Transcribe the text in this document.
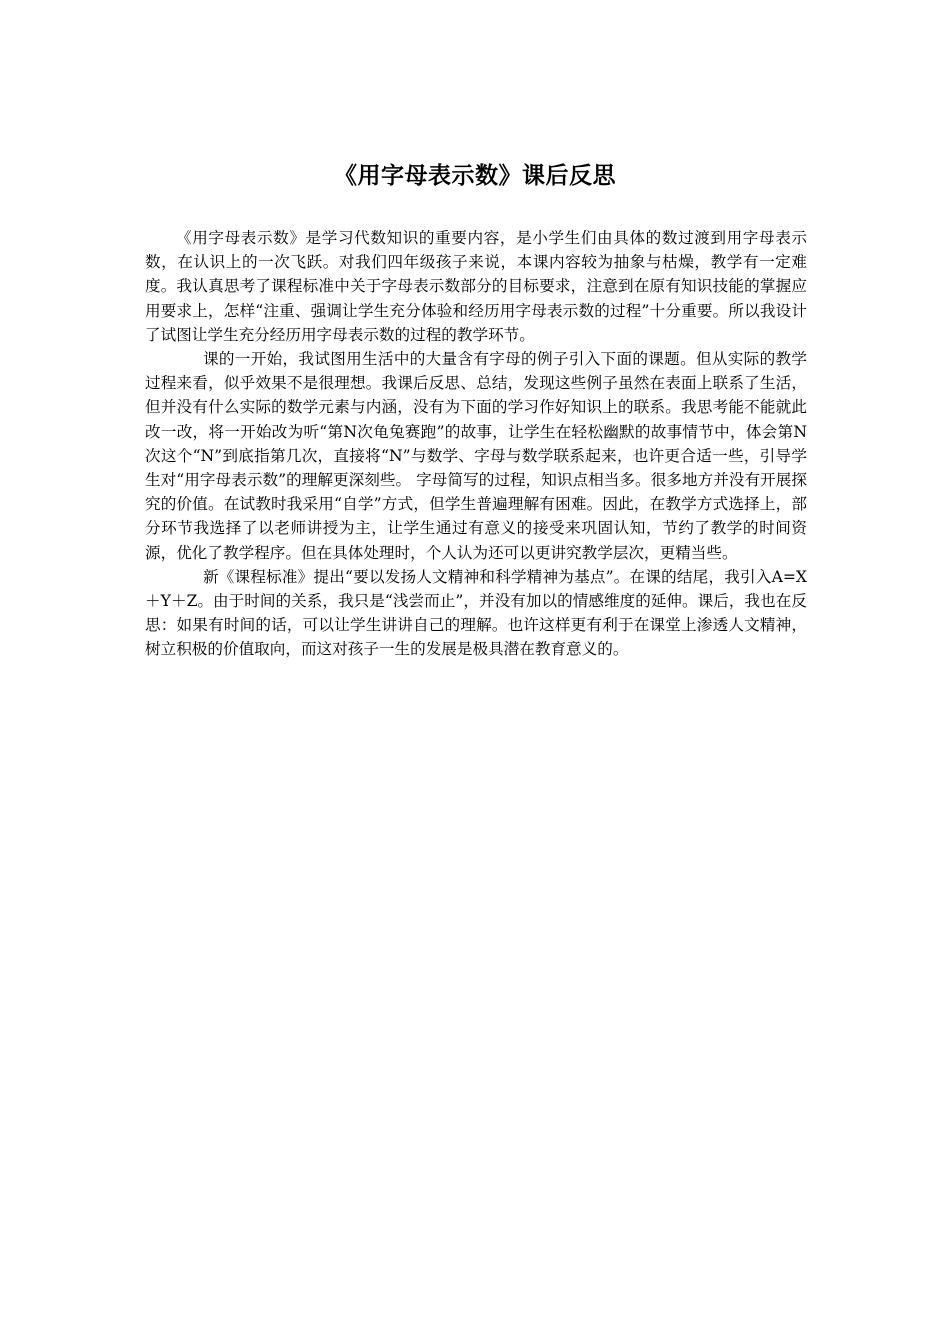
《用字母表示数》课后反思

《用字母表示数》是学习代数知识的重要内容，是小学生们由具体的数过渡到用字母表示数，在认识上的一次飞跃。对我们四年级孩子来说，本课内容较为抽象与枯燥，教学有一定难度。我认真思考了课程标准中关于字母表示数部分的目标要求，注意到在原有知识技能的掌握应用要求上，怎样“注重、强调让学生充分体验和经历用字母表示数的过程”十分重要。所以我设计了试图让学生充分经历用字母表示数的过程的教学环节。

课的一开始，我试图用生活中的大量含有字母的例子引入下面的课题。但从实际的教学过程来看，似乎效果不是很理想。我课后反思、总结，发现这些例子虽然在表面上联系了生活，但并没有什么实际的数学元素与内涵，没有为下面的学习作好知识上的联系。我思考能不能就此改一改，将一开始改为听“第N次龟兔赛跑”的故事，让学生在轻松幽默的故事情节中，体会第N次这个“N”到底指第几次，直接将“N”与数学、字母与数学联系起来，也许更合适一些，引导学生对“用字母表示数”的理解更深刻些。 字母简写的过程，知识点相当多。很多地方并没有开展探究的价值。在试教时我采用“自学”方式，但学生普遍理解有困难。因此，在教学方式选择上，部分环节我选择了以老师讲授为主，让学生通过有意义的接受来巩固认知，节约了教学的时间资源，优化了教学程序。但在具体处理时，个人认为还可以更讲究教学层次，更精当些。

新《课程标准》提出“要以发扬人文精神和科学精神为基点”。在课的结尾，我引入A=X＋Y＋Z。由于时间的关系，我只是“浅尝而止”，并没有加以的情感维度的延伸。课后，我也在反思：如果有时间的话，可以让学生讲讲自己的理解。也许这样更有利于在课堂上渗透人文精神，树立积极的价值取向，而这对孩子一生的发展是极具潜在教育意义的。
